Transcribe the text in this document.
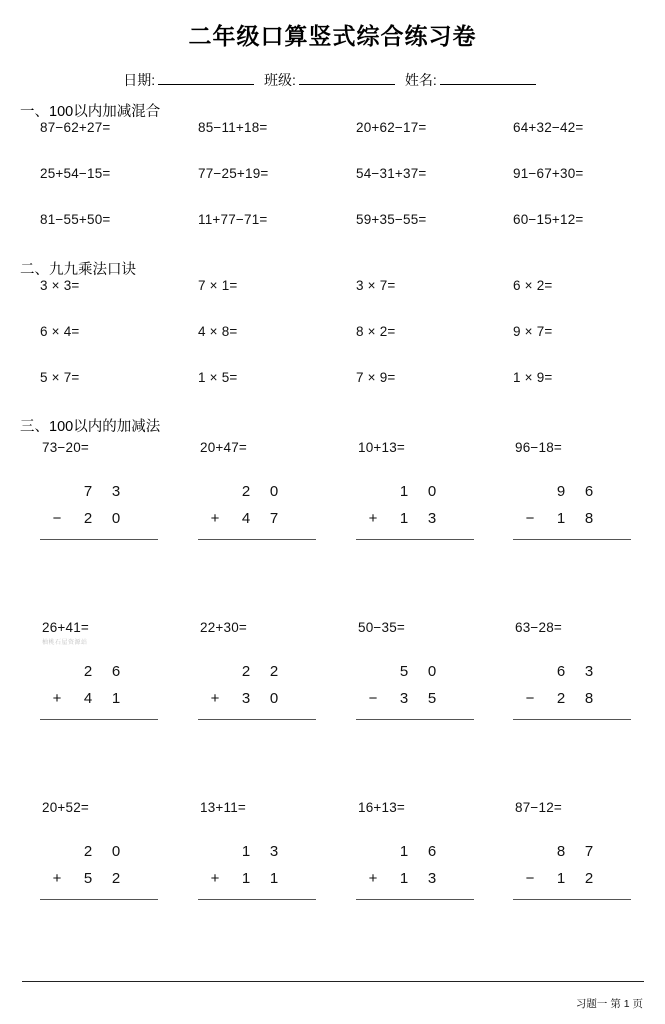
二年级口算竖式综合练习卷
日期:	班级:	姓名:
一、100以内加减混合
87−62+27=	85−11+18=	20+62−17=	64+32−42=
25+54−15=	77−25+19=	54−31+37=	91−67+30=
81−55+50=	11+77−71=	59+35−55=	60−15+12=
二、九九乘法口诀
3 × 3=	7 × 1=	3 × 7=	6 × 2=
6 × 4=	4 × 8=	8 × 2=	9 × 7=
5 × 7=	1 × 5=	7 × 9=	1 × 9=
三、100以内的加减法
73−20=
7	3
−	2	0
20+47=
2	0
+	4	7
10+13=
1	0
+	1	3
96−18=
9	6
−	1	8
26+41=
柚桃石屋资源站
2	6
+	4	1
22+30=
2	2
+	3	0
50−35=
5	0
−	3	5
63−28=
6	3
−	2	8
20+52=
2	0
+	5	2
13+11=
1	3
+	1	1
16+13=
1	6
+	1	3
87−12=
8	7
−	1	2
习题一 第 1 页
